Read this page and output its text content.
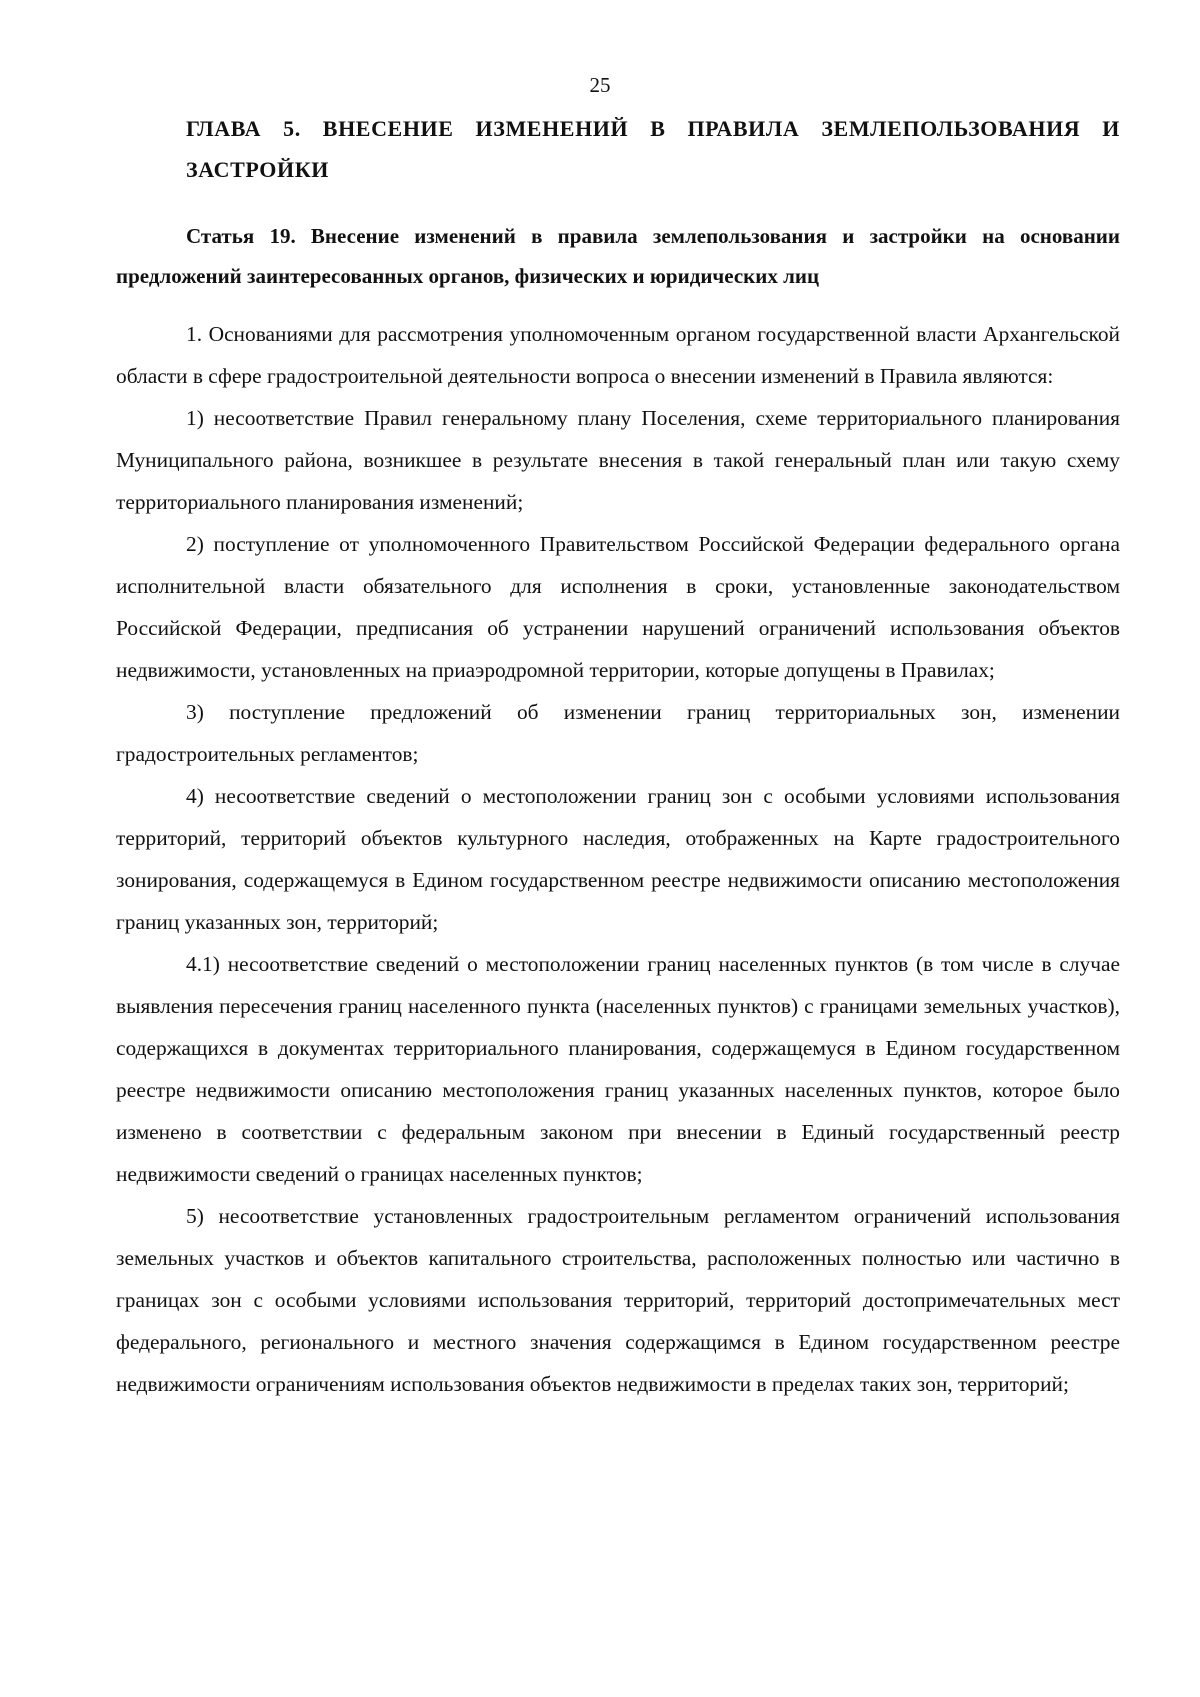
25
ГЛАВА 5. ВНЕСЕНИЕ ИЗМЕНЕНИЙ В ПРАВИЛА ЗЕМЛЕПОЛЬЗОВАНИЯ И ЗАСТРОЙКИ
Статья 19. Внесение изменений в правила землепользования и застройки на основании предложений заинтересованных органов, физических и юридических лиц

1. Основаниями для рассмотрения уполномоченным органом государственной власти Архангельской области в сфере градостроительной деятельности вопроса о внесении изменений в Правила являются:

1) несоответствие Правил генеральному плану Поселения, схеме территориального планирования Муниципального района, возникшее в результате внесения в такой генеральный план или такую схему территориального планирования изменений;

2) поступление от уполномоченного Правительством Российской Федерации федерального органа исполнительной власти обязательного для исполнения в сроки, установленные законодательством Российской Федерации, предписания об устранении нарушений ограничений использования объектов недвижимости, установленных на приаэродромной территории, которые допущены в Правилах;

3) поступление предложений об изменении границ территориальных зон, изменении градостроительных регламентов;

4) несоответствие сведений о местоположении границ зон с особыми условиями использования территорий, территорий объектов культурного наследия, отображенных на Карте градостроительного зонирования, содержащемуся в Едином государственном реестре недвижимости описанию местоположения границ указанных зон, территорий;

4.1) несоответствие сведений о местоположении границ населенных пунктов (в том числе в случае выявления пересечения границ населенного пункта (населенных пунктов) с границами земельных участков), содержащихся в документах территориального планирования, содержащемуся в Едином государственном реестре недвижимости описанию местоположения границ указанных населенных пунктов, которое было изменено в соответствии с федеральным законом при внесении в Единый государственный реестр недвижимости сведений о границах населенных пунктов;

5) несоответствие установленных градостроительным регламентом ограничений использования земельных участков и объектов капитального строительства, расположенных полностью или частично в границах зон с особыми условиями использования территорий, территорий достопримечательных мест федерального, регионального и местного значения содержащимся в Едином государственном реестре недвижимости ограничениям использования объектов недвижимости в пределах таких зон, территорий;
